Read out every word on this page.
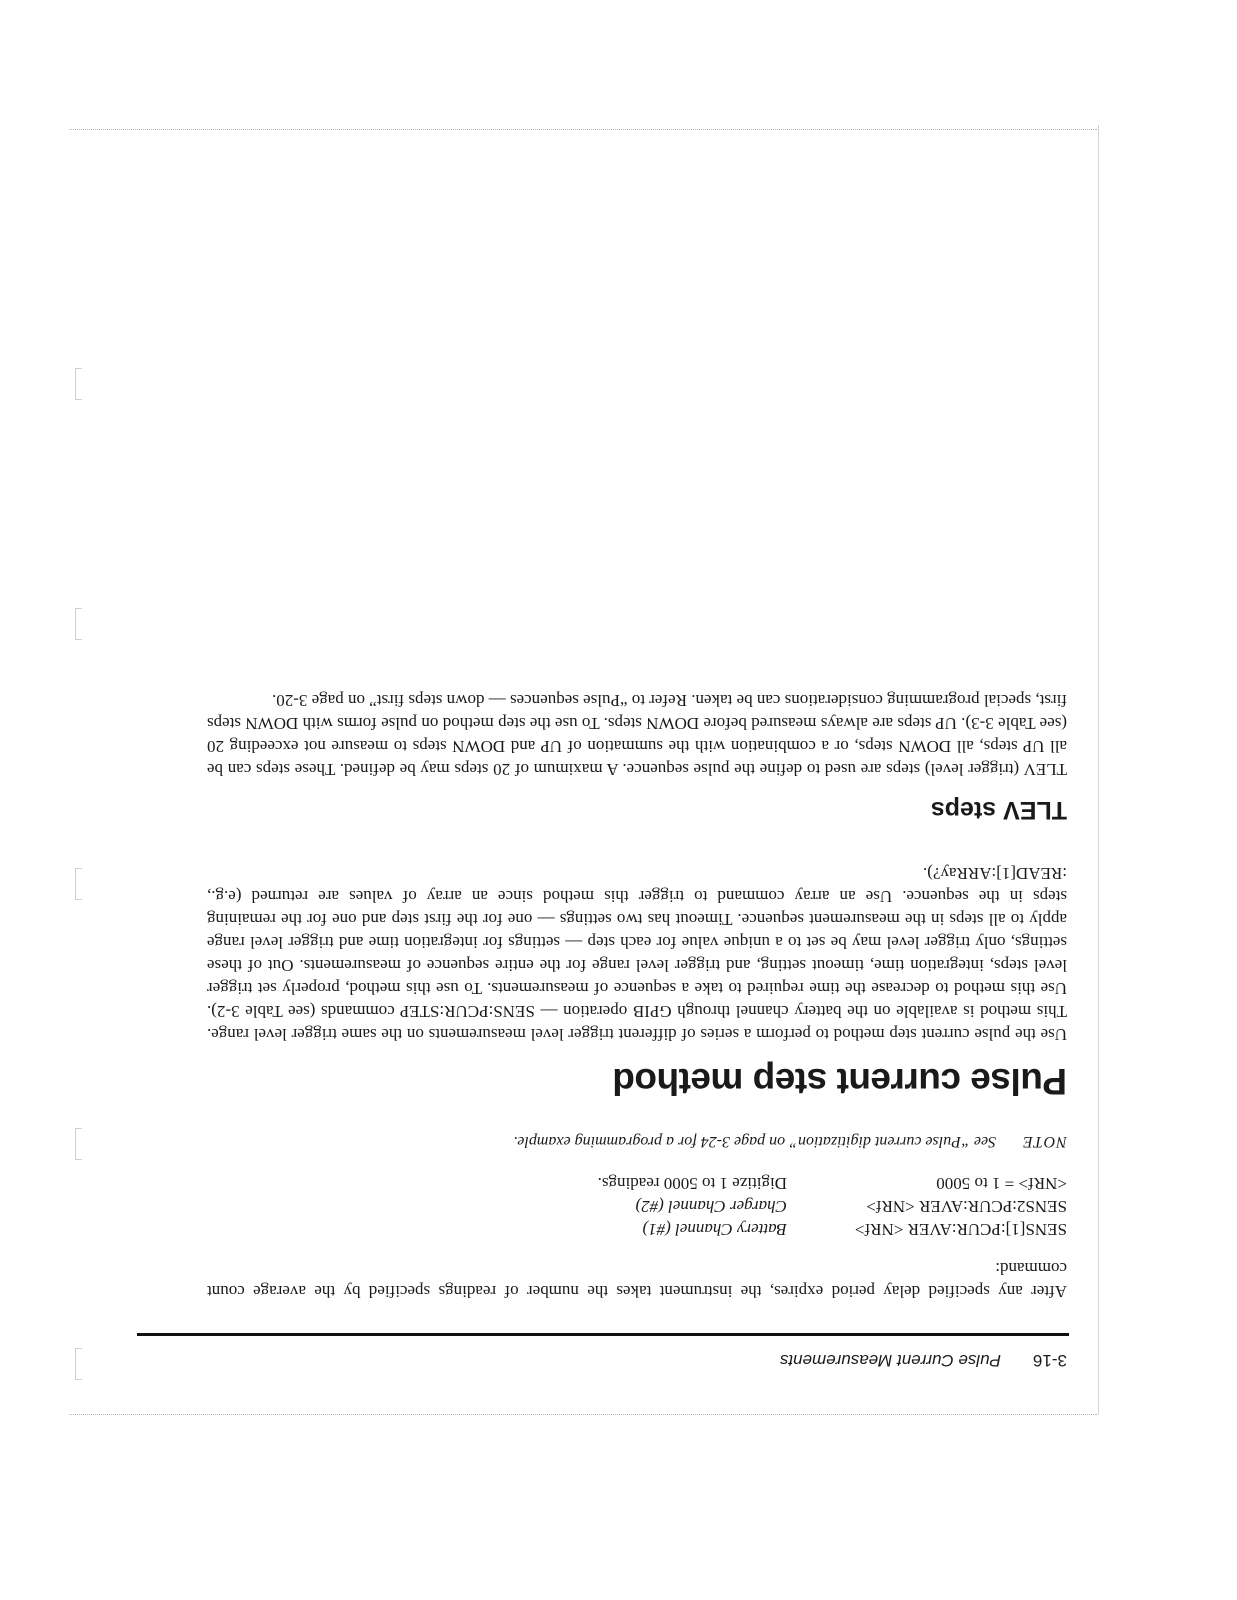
3-16
Pulse Current Measurements

After any specified delay period expires, the instrument takes the number of readings specified by the average count command:

SENS[1]:PCUR:AVER <NRf>
Battery Channel (#1)
SENS2:PCUR:AVER <NRf>
Charger Channel (#2)
<NRf> = 1 to 5000
Digitize 1 to 5000 readings.
NOTE
See “Pulse current digitization” on page 3-24 for a programming example.
Pulse current step method

Use the pulse current step method to perform a series of different trigger level measurements on the same trigger level range. This method is available on the battery channel through GPIB operation — SENS:PCUR:STEP commands (see Table 3-2). Use this method to decrease the time required to take a sequence of measurements. To use this method, properly set trigger level steps, integration time, timeout setting, and trigger level range for the entire sequence of measurements. Out of these settings, only trigger level may be set to a unique value for each step — settings for integration time and trigger level range apply to all steps in the measurement sequence. Timeout has two settings — one for the first step and one for the remaining steps in the sequence. Use an array command to trigger this method since an array of values are returned (e.g., :READ[1]:ARRay?).

TLEV steps

TLEV (trigger level) steps are used to define the pulse sequence. A maximum of 20 steps may be defined. These steps can be all UP steps, all DOWN steps, or a combination with the summation of UP and DOWN steps to measure not exceeding 20 (see Table 3-3). UP steps are always measured before DOWN steps. To use the step method on pulse forms with DOWN steps first, special programming considerations can be taken. Refer to “Pulse sequences — down steps first” on page 3-20.
